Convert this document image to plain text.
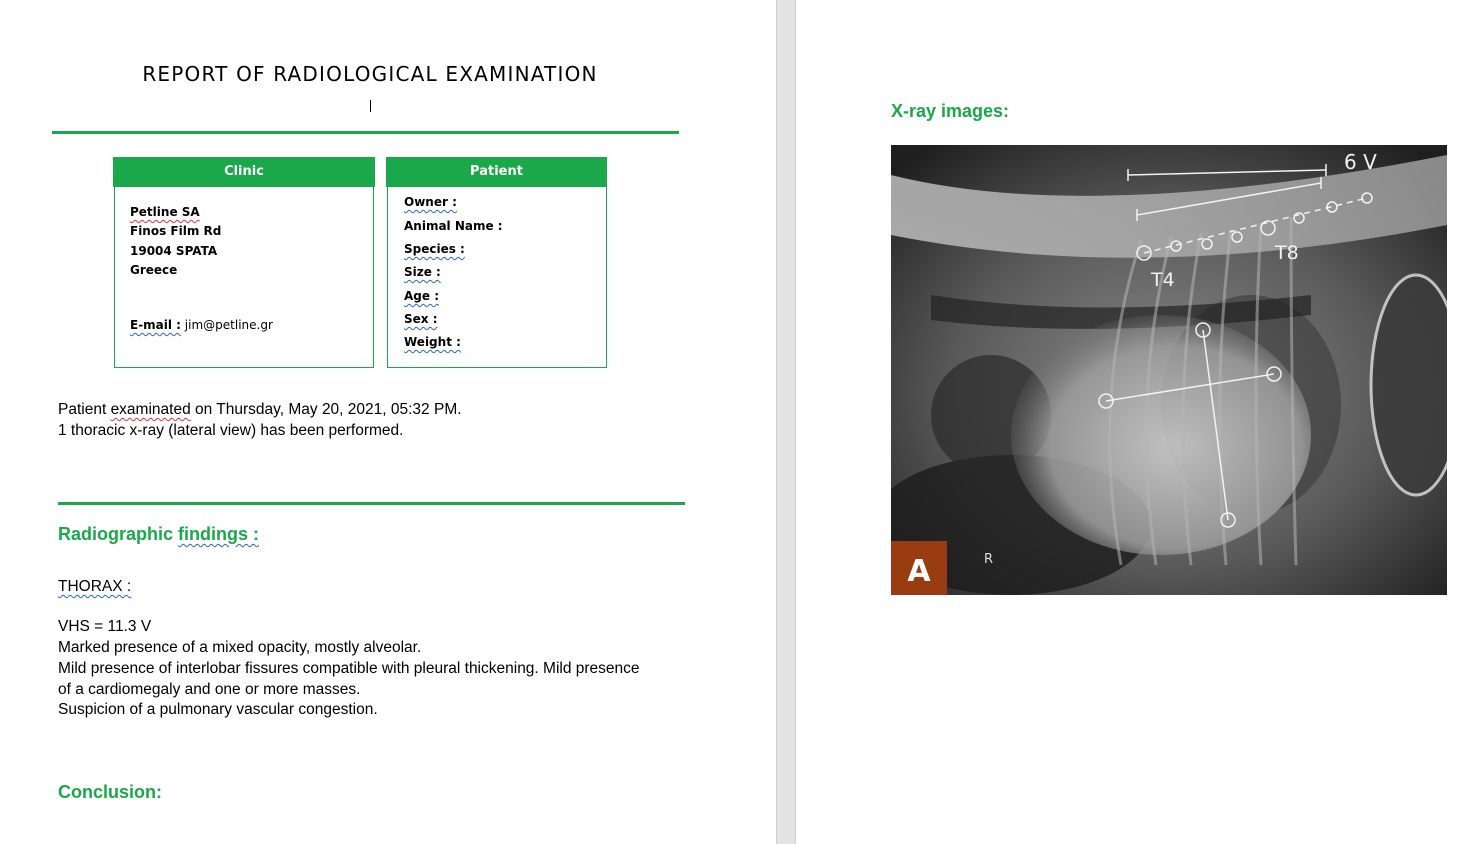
REPORT OF RADIOLOGICAL EXAMINATION
Clinic
Petline SA
Finos Film Rd
19004 SPATA
Greece
E-mail : jim@petline.gr
Patient
Owner :
Animal Name :
Species :
Size :
Age :
Sex :
Weight :
Patient examinated on Thursday, May 20, 2021, 05:32 PM.
1 thoracic x-ray (lateral view) has been performed.
Radiographic findings :
THORAX :
VHS = 11.3 V
Marked presence of a mixed opacity, mostly alveolar.
Mild presence of interlobar fissures compatible with pleural thickening. Mild presence
of a cardiomegaly and one or more masses.
Suspicion of a pulmonary vascular congestion.
Conclusion:
X-ray images:
6 V
T4
T8
R
A
